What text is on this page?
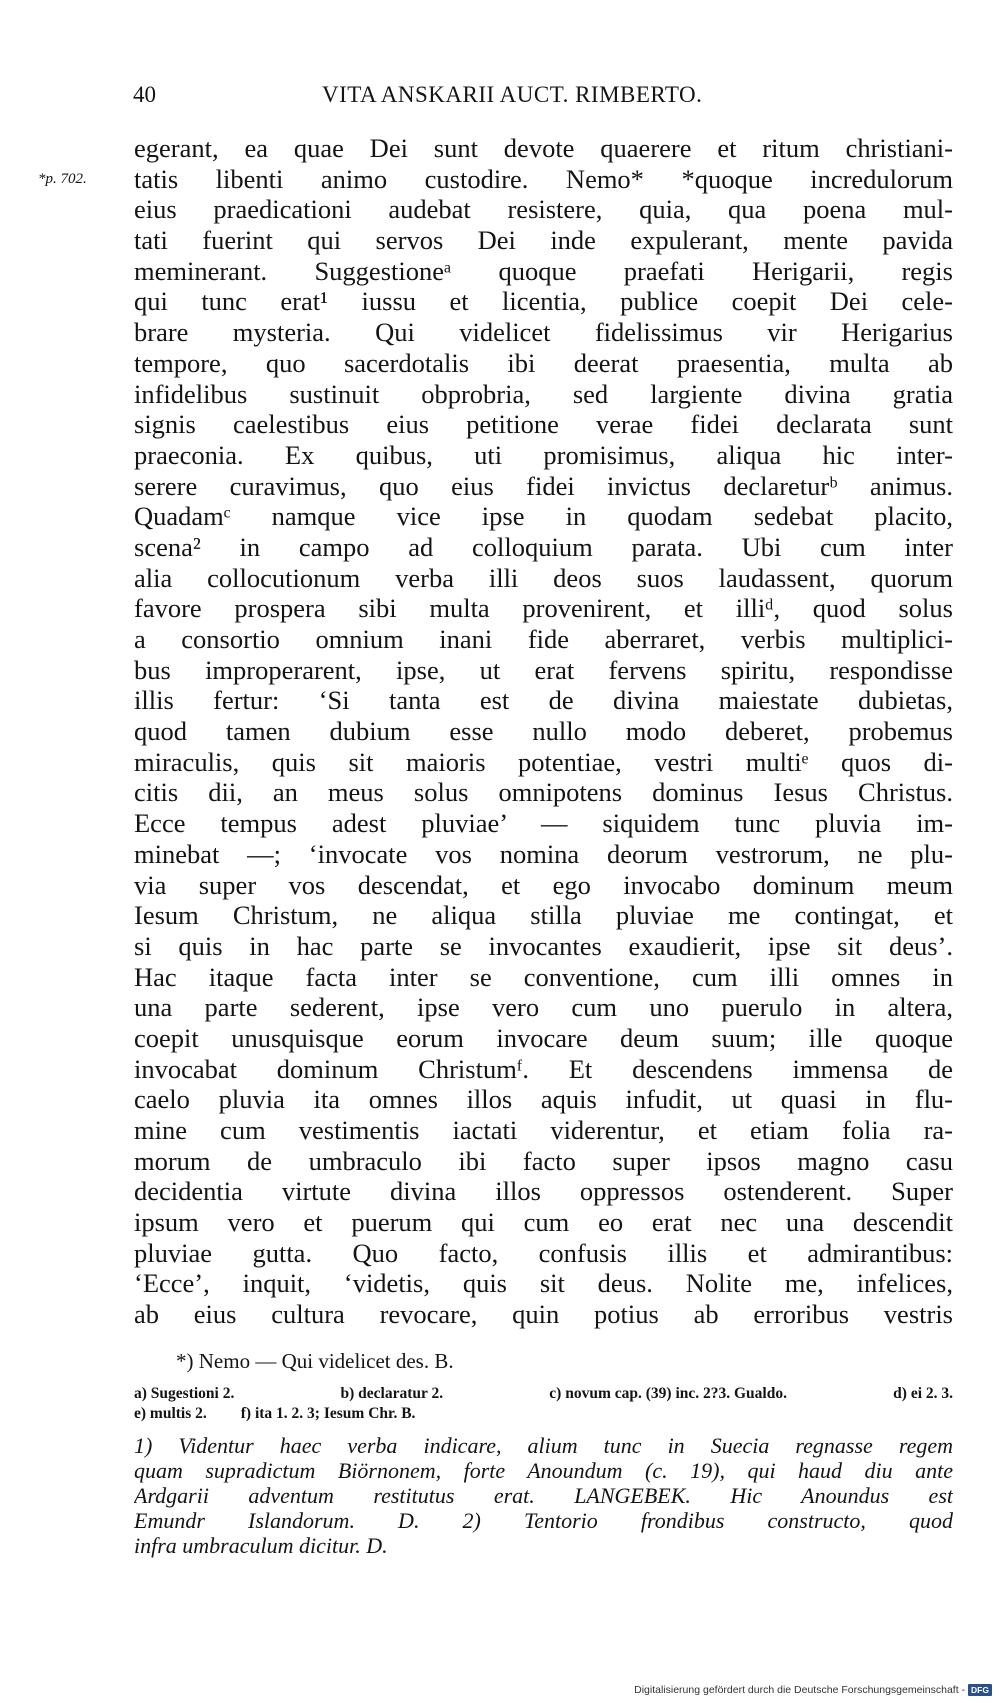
40	VITA ANSKARII AUCT. RIMBERTO.
*p. 702.
egerant, ea quae Dei sunt devote quaerere et ritum christiani-
tatis libenti animo custodire. Nemo* *quoque incredulorum
eius praedicationi audebat resistere, quia, qua poena mul-
tati fuerint qui servos Dei inde expulerant, mente pavida
meminerant. Suggestioneᵃ quoque praefati Herigarii, regis
qui tunc erat¹ iussu et licentia, publice coepit Dei cele-
brare mysteria. Qui videlicet fidelissimus vir Herigarius
tempore, quo sacerdotalis ibi deerat praesentia, multa ab
infidelibus sustinuit obprobria, sed largiente divina gratia
signis caelestibus eius petitione verae fidei declarata sunt
praeconia. Ex quibus, uti promisimus, aliqua hic inter-
serere curavimus, quo eius fidei invictus declareturᵇ animus.
Quadamᶜ namque vice ipse in quodam sedebat placito,
scena² in campo ad colloquium parata. Ubi cum inter
alia collocutionum verba illi deos suos laudassent, quorum
favore prospera sibi multa provenirent, et illiᵈ, quod solus
a consortio omnium inani fide aberraret, verbis multiplici-
bus improperarent, ipse, ut erat fervens spiritu, respondisse
illis fertur: ‘Si tanta est de divina maiestate dubietas,
quod tamen dubium esse nullo modo deberet, probemus
miraculis, quis sit maioris potentiae, vestri multiᵉ quos di-
citis dii, an meus solus omnipotens dominus Iesus Christus.
Ecce tempus adest pluviae’ — siquidem tunc pluvia im-
minebat —; ‘invocate vos nomina deorum vestrorum, ne plu-
via super vos descendat, et ego invocabo dominum meum
Iesum Christum, ne aliqua stilla pluviae me contingat, et
si quis in hac parte se invocantes exaudierit, ipse sit deus’.
Hac itaque facta inter se conventione, cum illi omnes in
una parte sederent, ipse vero cum uno puerulo in altera,
coepit unusquisque eorum invocare deum suum; ille quoque
invocabat dominum Christumᶠ. Et descendens immensa de
caelo pluvia ita omnes illos aquis infudit, ut quasi in flu-
mine cum vestimentis iactati viderentur, et etiam folia ra-
morum de umbraculo ibi facto super ipsos magno casu
decidentia virtute divina illos oppressos ostenderent. Super
ipsum vero et puerum qui cum eo erat nec una descendit
pluviae gutta. Quo facto, confusis illis et admirantibus:
‘Ecce’, inquit, ‘videtis, quis sit deus. Nolite me, infelices,
ab eius cultura revocare, quin potius ab erroribus vestris
*) Nemo — Qui videlicet des. B.
a) Sugestioni 2.	b) declaratur 2.	c) novum cap. (39) inc. 2?3. Gualdo.	d) ei 2. 3.
e) multis 2. f) ita 1. 2. 3; Iesum Chr. B.
1) Videntur haec verba indicare, alium tunc in Suecia regnasse regem
quam supradictum Biörnonem, forte Anoundum (c. 19), qui haud diu ante
Ardgarii adventum restitutus erat. LANGEBEK. Hic Anoundus est
Emundr Islandorum. D. 2) Tentorio frondibus constructo, quod
infra umbraculum dicitur. D.
Digitalisierung gefördert durch die Deutsche Forschungsgemeinschaft - DFG
